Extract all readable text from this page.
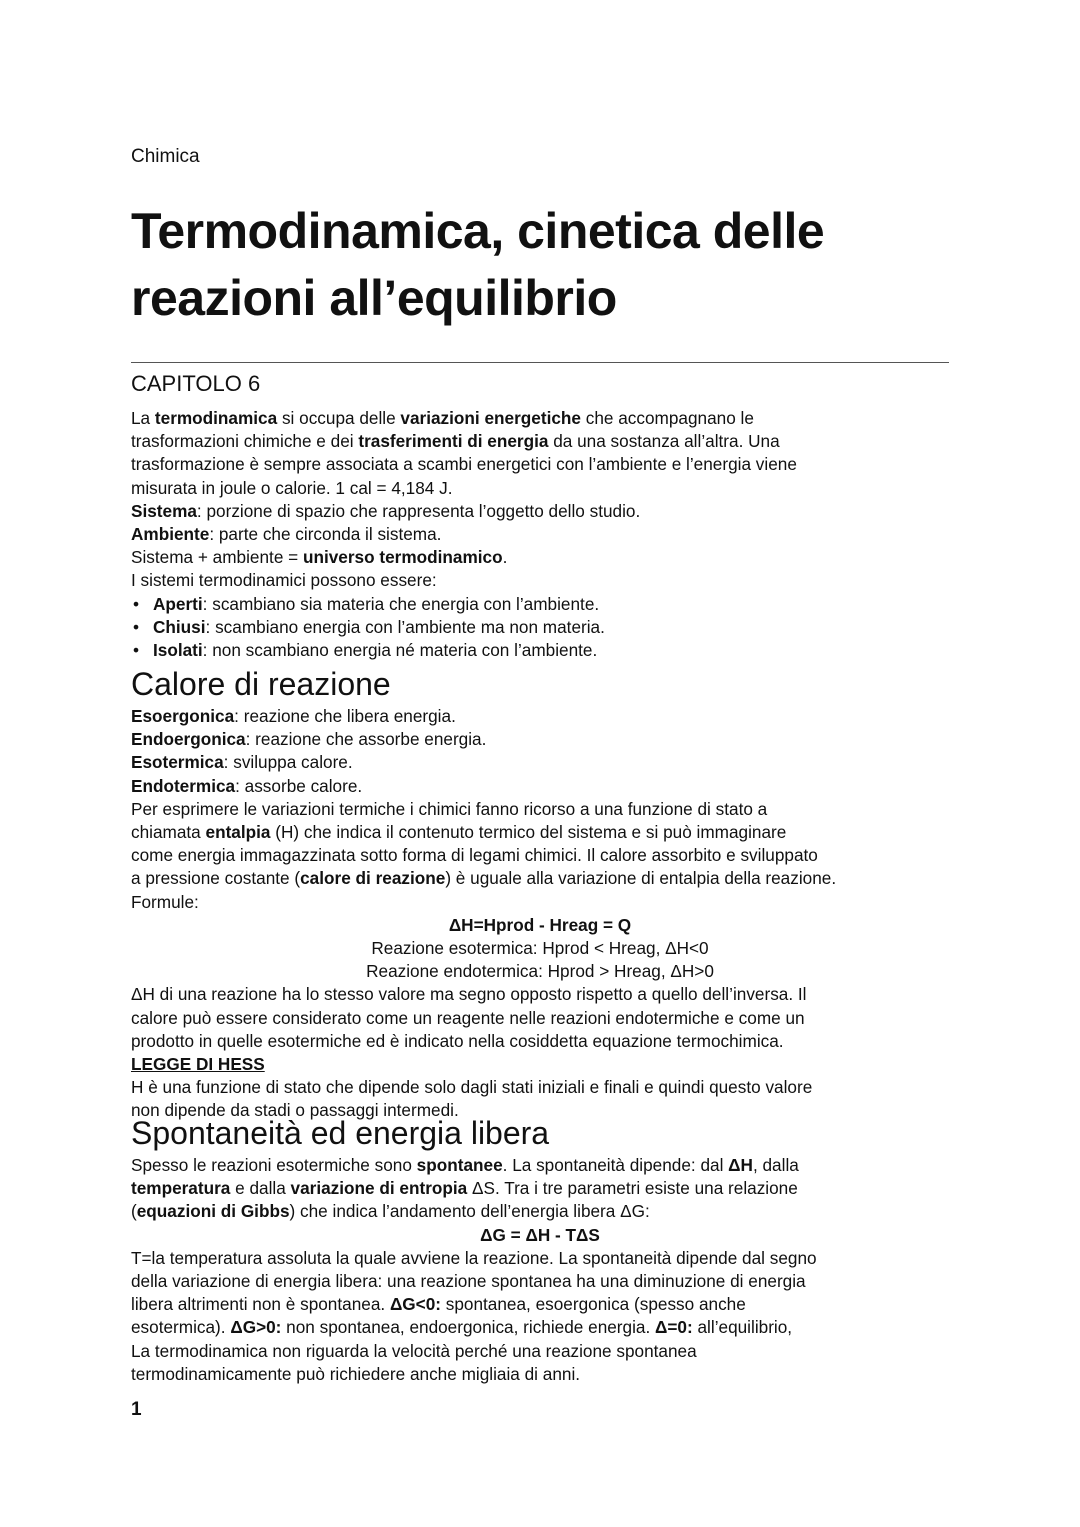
Chimica
Termodinamica, cinetica delle
reazioni all’equilibrio
CAPITOLO 6

La termodinamica si occupa delle variazioni energetiche che accompagnano le

trasformazioni chimiche e dei trasferimenti di energia da una sostanza all’altra. Una

trasformazione è sempre associata a scambi energetici con l’ambiente e l’energia viene

misurata in joule o calorie. 1 cal = 4,184 J.

Sistema: porzione di spazio che rappresenta l’oggetto dello studio.

Ambiente: parte che circonda il sistema.

Sistema + ambiente = universo termodinamico.

I sistemi termodinamici possono essere:

• Aperti: scambiano sia materia che energia con l’ambiente.

• Chiusi: scambiano energia con l’ambiente ma non materia.

• Isolati: non scambiano energia né materia con l’ambiente.

Calore di reazione

Esoergonica: reazione che libera energia.

Endoergonica: reazione che assorbe energia.

Esotermica: sviluppa calore.

Endotermica: assorbe calore.

Per esprimere le variazioni termiche i chimici fanno ricorso a una funzione di stato a

chiamata entalpia (H) che indica il contenuto termico del sistema e si può immaginare

come energia immagazzinata sotto forma di legami chimici. Il calore assorbito e sviluppato

a pressione costante (calore di reazione) è uguale alla variazione di entalpia della reazione.

Formule:

ΔH=Hprod - Hreag = Q

Reazione esotermica: Hprod < Hreag, ΔH<0

Reazione endotermica: Hprod > Hreag, ΔH>0

ΔH di una reazione ha lo stesso valore ma segno opposto rispetto a quello dell’inversa. Il

calore può essere considerato come un reagente nelle reazioni endotermiche e come un

prodotto in quelle esotermiche ed è indicato nella cosiddetta equazione termochimica.

LEGGE DI HESS

H è una funzione di stato che dipende solo dagli stati iniziali e finali e quindi questo valore

non dipende da stadi o passaggi intermedi.

Spontaneità ed energia libera

Spesso le reazioni esotermiche sono spontanee. La spontaneità dipende: dal ΔH, dalla

temperatura e dalla variazione di entropia ΔS. Tra i tre parametri esiste una relazione

(equazioni di Gibbs) che indica l’andamento dell’energia libera ΔG:

ΔG = ΔH - TΔS

T=la temperatura assoluta la quale avviene la reazione. La spontaneità dipende dal segno

della variazione di energia libera: una reazione spontanea ha una diminuzione di energia

libera altrimenti non è spontanea. ΔG<0: spontanea, esoergonica (spesso anche

esotermica). ΔG>0: non spontanea, endoergonica, richiede energia. Δ=0: all’equilibrio,

La termodinamica non riguarda la velocità perché una reazione spontanea

termodinamicamente può richiedere anche migliaia di anni.

1
